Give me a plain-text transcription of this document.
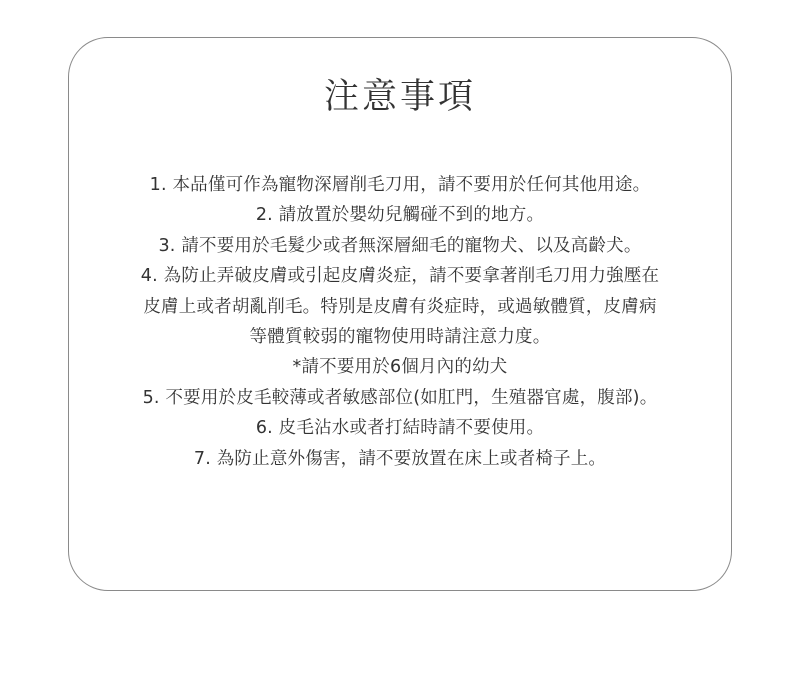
注意事項
1. 本品僅可作為寵物深層削毛刀用，請不要用於任何其他用途。
2. 請放置於嬰幼兒觸碰不到的地方。
3. 請不要用於毛髮少或者無深層細毛的寵物犬、以及高齡犬。
4. 為防止弄破皮膚或引起皮膚炎症，請不要拿著削毛刀用力強壓在
皮膚上或者胡亂削毛。特別是皮膚有炎症時，或過敏體質，皮膚病
等體質較弱的寵物使用時請注意力度。
*請不要用於6個月內的幼犬
5. 不要用於皮毛較薄或者敏感部位(如肛門，生殖器官處，腹部)。
6. 皮毛沾水或者打結時請不要使用。
7. 為防止意外傷害，請不要放置在床上或者椅子上。
